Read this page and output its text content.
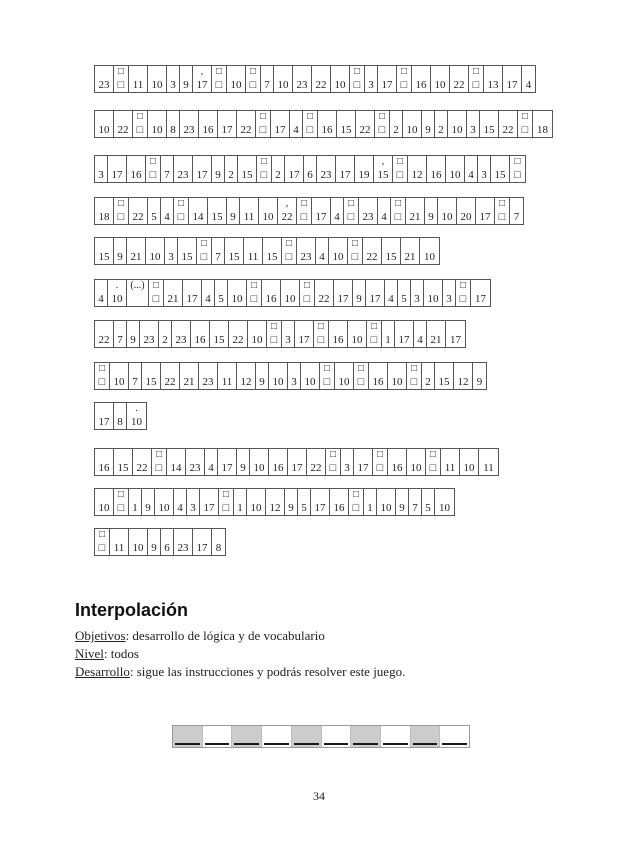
23
□
□ 11 10 3 9
,
17
□
□ 10
□
□ 7 10 23 22 10
□
□ 3 17
□
□ 16 10 22
□
□ 13 17 4
10 22
□
□ 10 8 23 16 17 22
□
□ 17 4
□
□ 16 15 22
□
□ 2 10 9 2 10 3 15 22
□
□ 18
3 17 16
□
□ 7 23 17 9 2 15
□
□ 2 17 6 23 17 19
,
15
□
□ 12 16 10 4 3 15
□
□
18
□
□ 22 5 4
□
□ 14 15 9 11 10
,
22
□
□ 17 4
□
□ 23 4
□
□ 21 9 10 20 17
□
□ 7
15 9 21 10 3 15
□
□ 7 15 11 15
□
□ 23 4 10
□
□ 22 15 21 10
4
.
10
(...) □
□ 21 17 4 5 10
□
□ 16 10
□
□ 22 17 9 17 4 5 3 10 3
□
□ 17
22 7 9 23 2 23 16 15 22 10
□
□ 3 17
□
□ 16 10
□
□ 1 17 4 21 17
□
□ 10 7 15 22 21 23 11 12 9 10 3 10
□
□ 10
□
□ 16 10
□
□ 2 15 12 9
17 8
.
10
16 15 22
□
□ 14 23 4 17 9 10 16 17 22
□
□ 3 17
□
□ 16 10
□
□ 11 10 11
10
□
□ 1 9 10 4 3 17
□
□ 1 10 12 9 5 17 16
□
□ 1 10 9 7 5 10
□
□ 11 10 9 6 23 17 8
Interpolación
Objetivos: desarrollo de lógica y de vocabulario
Nivel: todos
Desarrollo: sigue las instrucciones y podrás resolver este juego.
34
